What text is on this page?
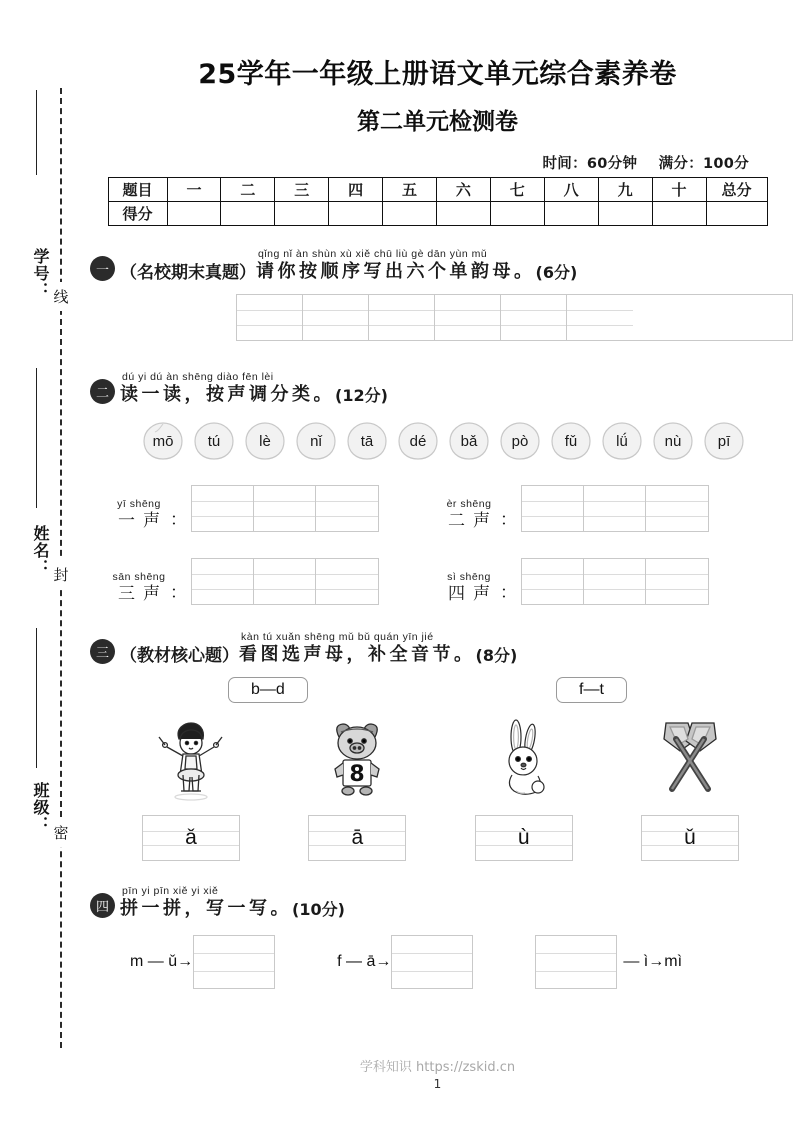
学号： 线
姓名： 封
班级： 密
25学年一年级上册语文单元综合素养卷
第二单元检测卷
时间：60分钟 满分：100分
题目	一	二	三	四	五	六	七	八	九	十	总分
得分											
一 （名校期末真题）
qǐng nǐ àn shùn xù xiě chū liù gè dān yùn mǔ
请你按顺序写出六个单韵母。 (6分)
二
dú yi dú àn shēng diào fēn lèi
读一读，按声调分类。 (12分)
mō tú	lè	nǐ	tā dé bǎ pò fǔ	lǘ nù pī
yī shēng
一声 ：
èr shēng
二声 ：
sān shēng
三声 ：
sì shēng
四声 ：
三 （教材核心题）
kàn tú xuǎn shēng mǔ bǔ quán yīn jié
看图选声母，补全音节。 (8分)
b—d	f—t
ǎ
8
ā	ù	ǔ
四
pīn yi pīn xiě yi xiě
拼一拼，写一写。 (10分)
m — ǔ→	f — ā→	— ì→mì
学科知识 https://zskid.cn
1
